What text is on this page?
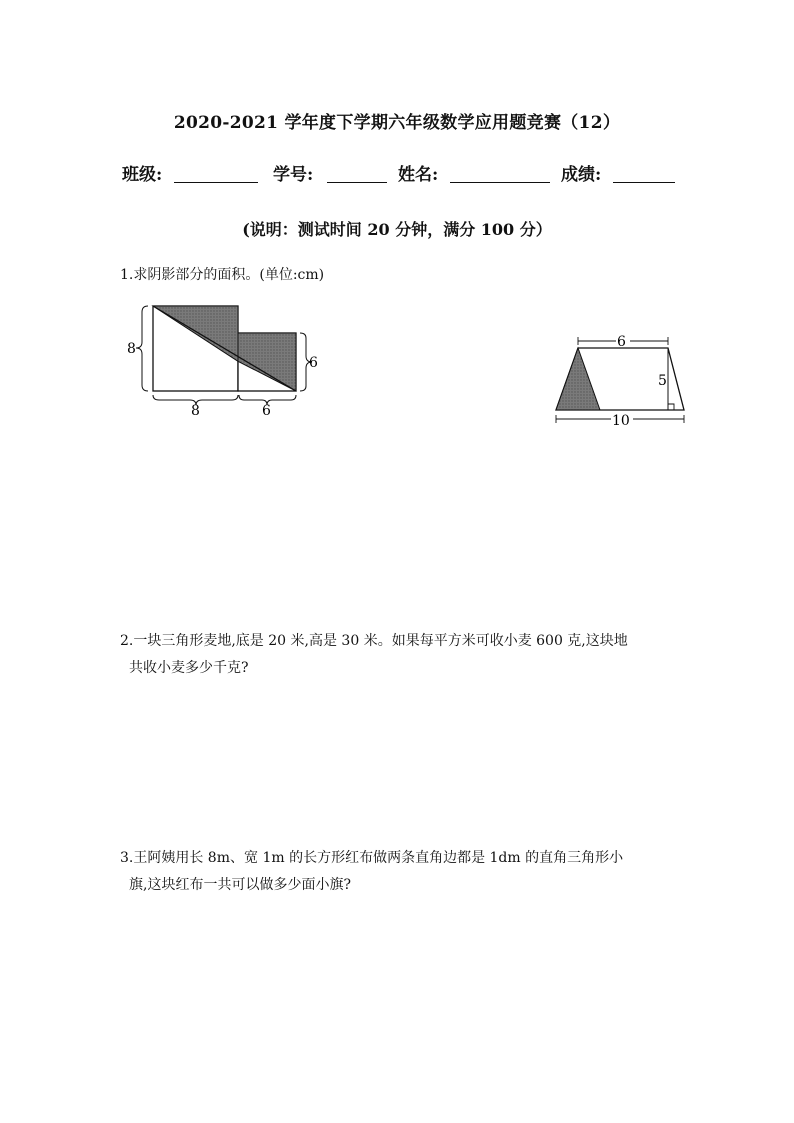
2020-2021 学年度下学期六年级数学应用题竞赛（12）
班级:	学号:	姓名:	成绩:
(说明：测试时间 20 分钟，满分 100 分）
1.求阴影部分的面积。(单位:cm)
8
6
8	6
6
5
10
2.一块三角形麦地,底是 20 米,高是 30 米。如果每平方米可收小麦 600 克,这块地
共收小麦多少千克?
3.王阿姨用长 8m、宽 1m 的长方形红布做两条直角边都是 1dm 的直角三角形小
旗,这块红布一共可以做多少面小旗?
